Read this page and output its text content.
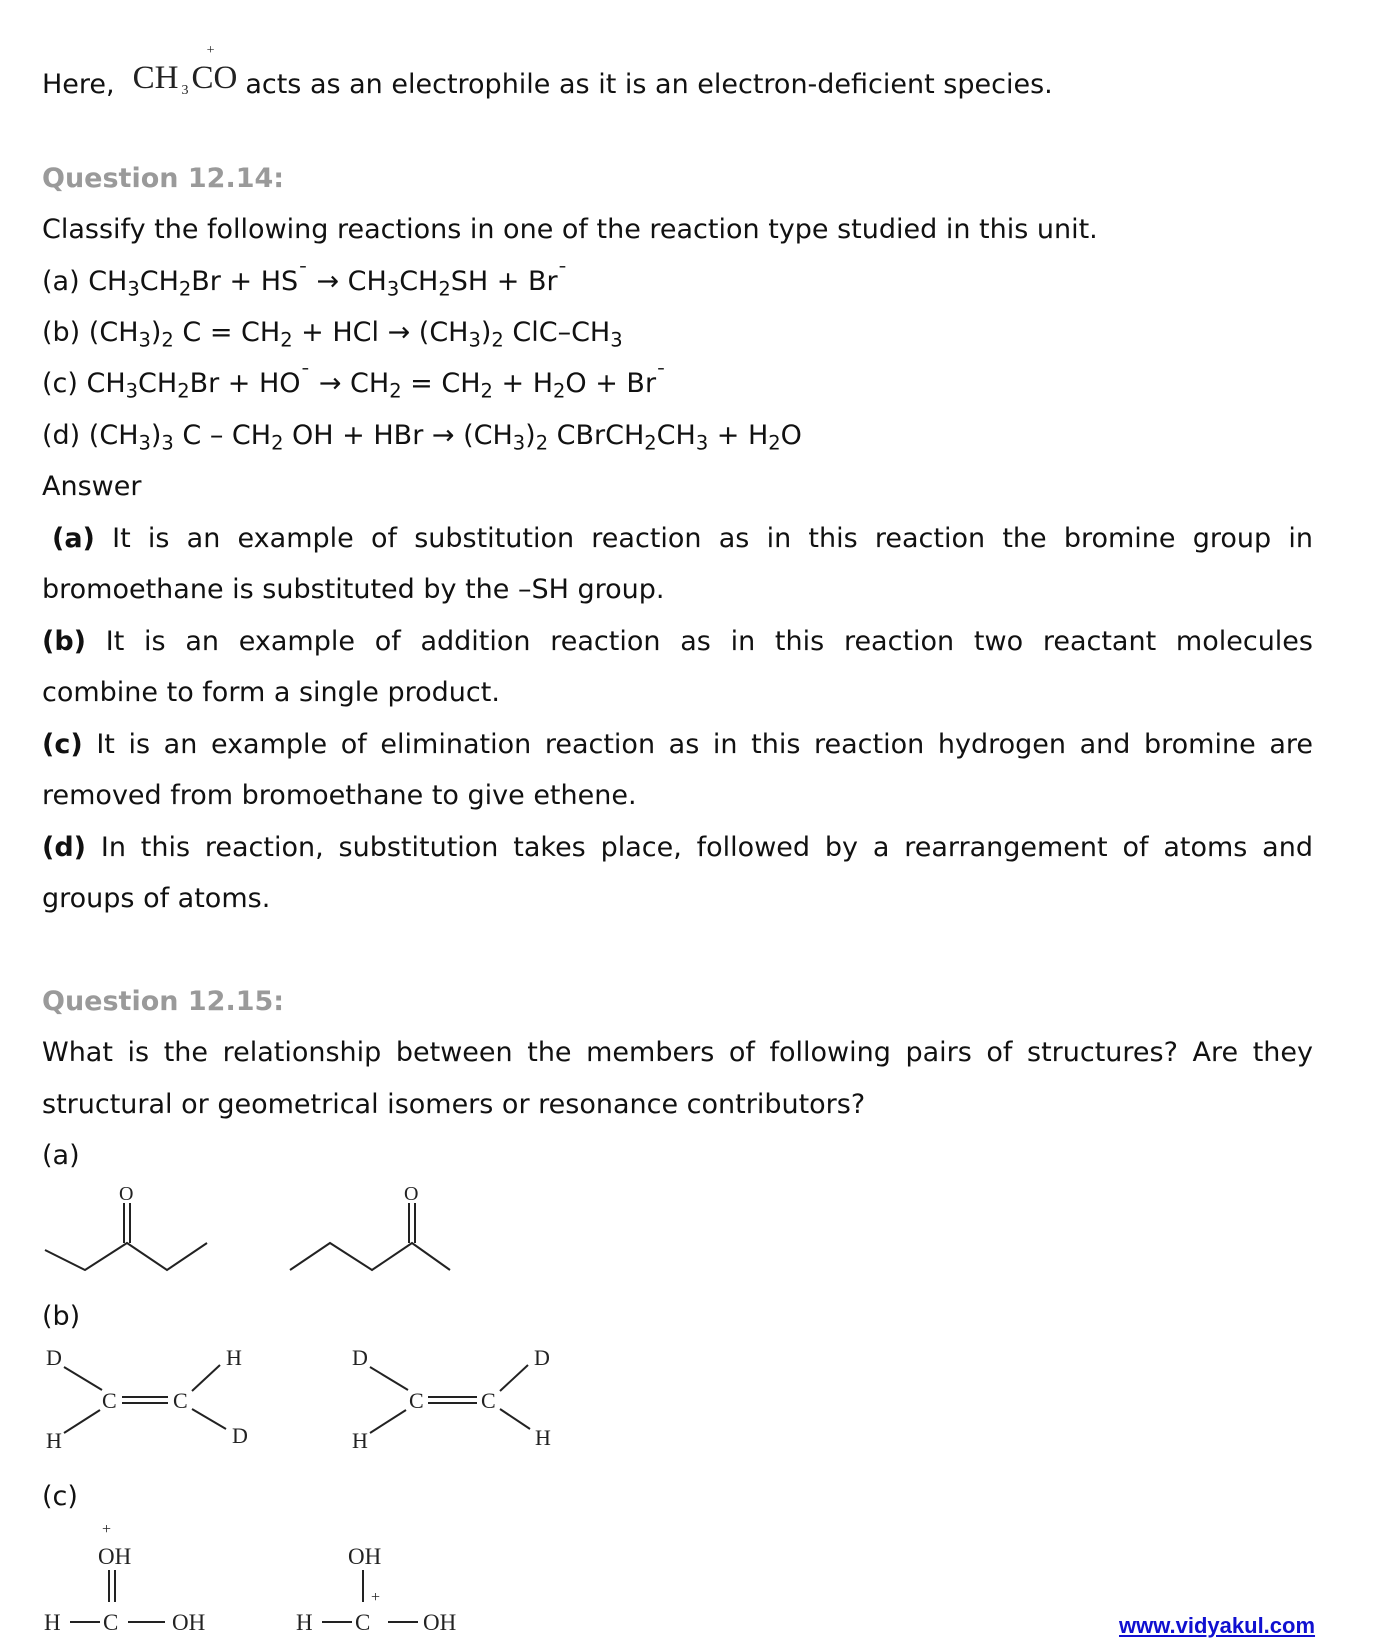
Here,
+
CH 3CO acts as an electrophile as it is an electron-deficient species.
Question 12.14:
Classify the following reactions in one of the reaction type studied in this unit.
(a) $CH_3CH_2Br + HS^¯ \to CH_3CH_2SH + Br^¯$
(b) $(CH_3)_2$ $C = CH_2$ + HCl → $(CH_3)_2$ ClC–$CH_3$
(c) $CH_3CH_2Br + HO^¯ \to CH_2 = CH_2 + H_2O + Br^¯$
(d) $(CH_3)_3$ C – $CH_2$ OH + HBr → $(CH_3)_2$ $CBrCH_2CH_3 + H_2O$
Answer
(a) It is an example of substitution reaction as in this reaction the bromine group in
bromoethane is substituted by the –SH group.
(b) It is an example of addition reaction as in this reaction two reactant molecules
combine to form a single product.
(c) It is an example of elimination reaction as in this reaction hydrogen and bromine are
removed from bromoethane to give ethene.
(d) In this reaction, substitution takes place, followed by a rearrangement of atoms and
groups of atoms.
Question 12.15:
What is the relationship between the members of following pairs of structures? Are they
structural or geometrical isomers or resonance contributors?
(a)
O	O
(b)
D
H
C	C
H
D
D
H
C	C
D
H
(c)
+
OH
H C OH
OH
+
H C OH	www.vidyakul.com
